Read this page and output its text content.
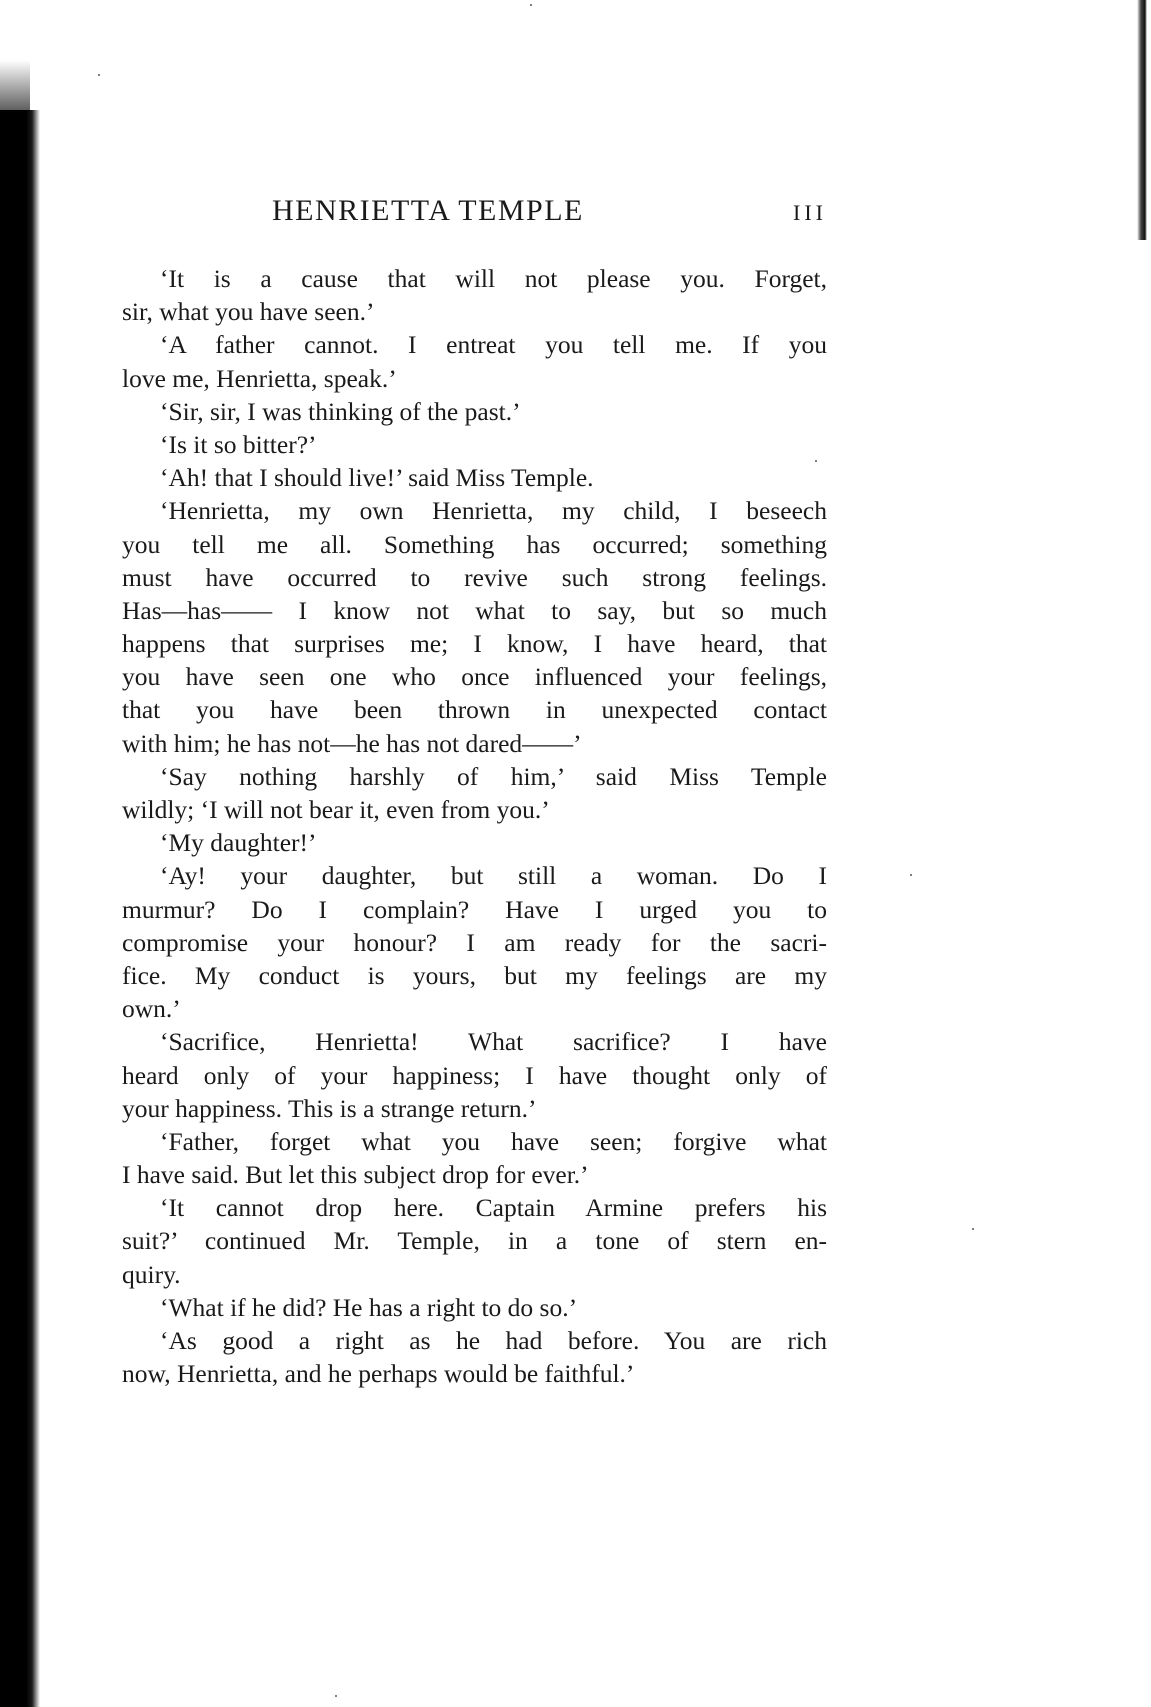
HENRIETTA TEMPLE	III
‘It is a cause that will not please you. Forget,
sir, what you have seen.’
‘A father cannot. I entreat you tell me. If you
love me, Henrietta, speak.’
‘Sir, sir, I was thinking of the past.’
‘Is it so bitter?’
‘Ah! that I should live!’ said Miss Temple.
‘Henrietta, my own Henrietta, my child, I beseech
you tell me all. Something has occurred; something
must have occurred to revive such strong feelings.
Has—has—— I know not what to say, but so much
happens that surprises me; I know, I have heard, that
you have seen one who once influenced your feelings,
that you have been thrown in unexpected contact
with him; he has not—he has not dared——’
‘Say nothing harshly of him,’ said Miss Temple
wildly; ‘I will not bear it, even from you.’
‘My daughter!’
‘Ay! your daughter, but still a woman. Do I
murmur? Do I complain? Have I urged you to
compromise your honour? I am ready for the sacri-
fice. My conduct is yours, but my feelings are my
own.’
‘Sacrifice, Henrietta! What sacrifice? I have
heard only of your happiness; I have thought only of
your happiness. This is a strange return.’
‘Father, forget what you have seen; forgive what
I have said. But let this subject drop for ever.’
‘It cannot drop here. Captain Armine prefers his
suit?’ continued Mr. Temple, in a tone of stern en-
quiry.
‘What if he did? He has a right to do so.’
‘As good a right as he had before. You are rich
now, Henrietta, and he perhaps would be faithful.’
